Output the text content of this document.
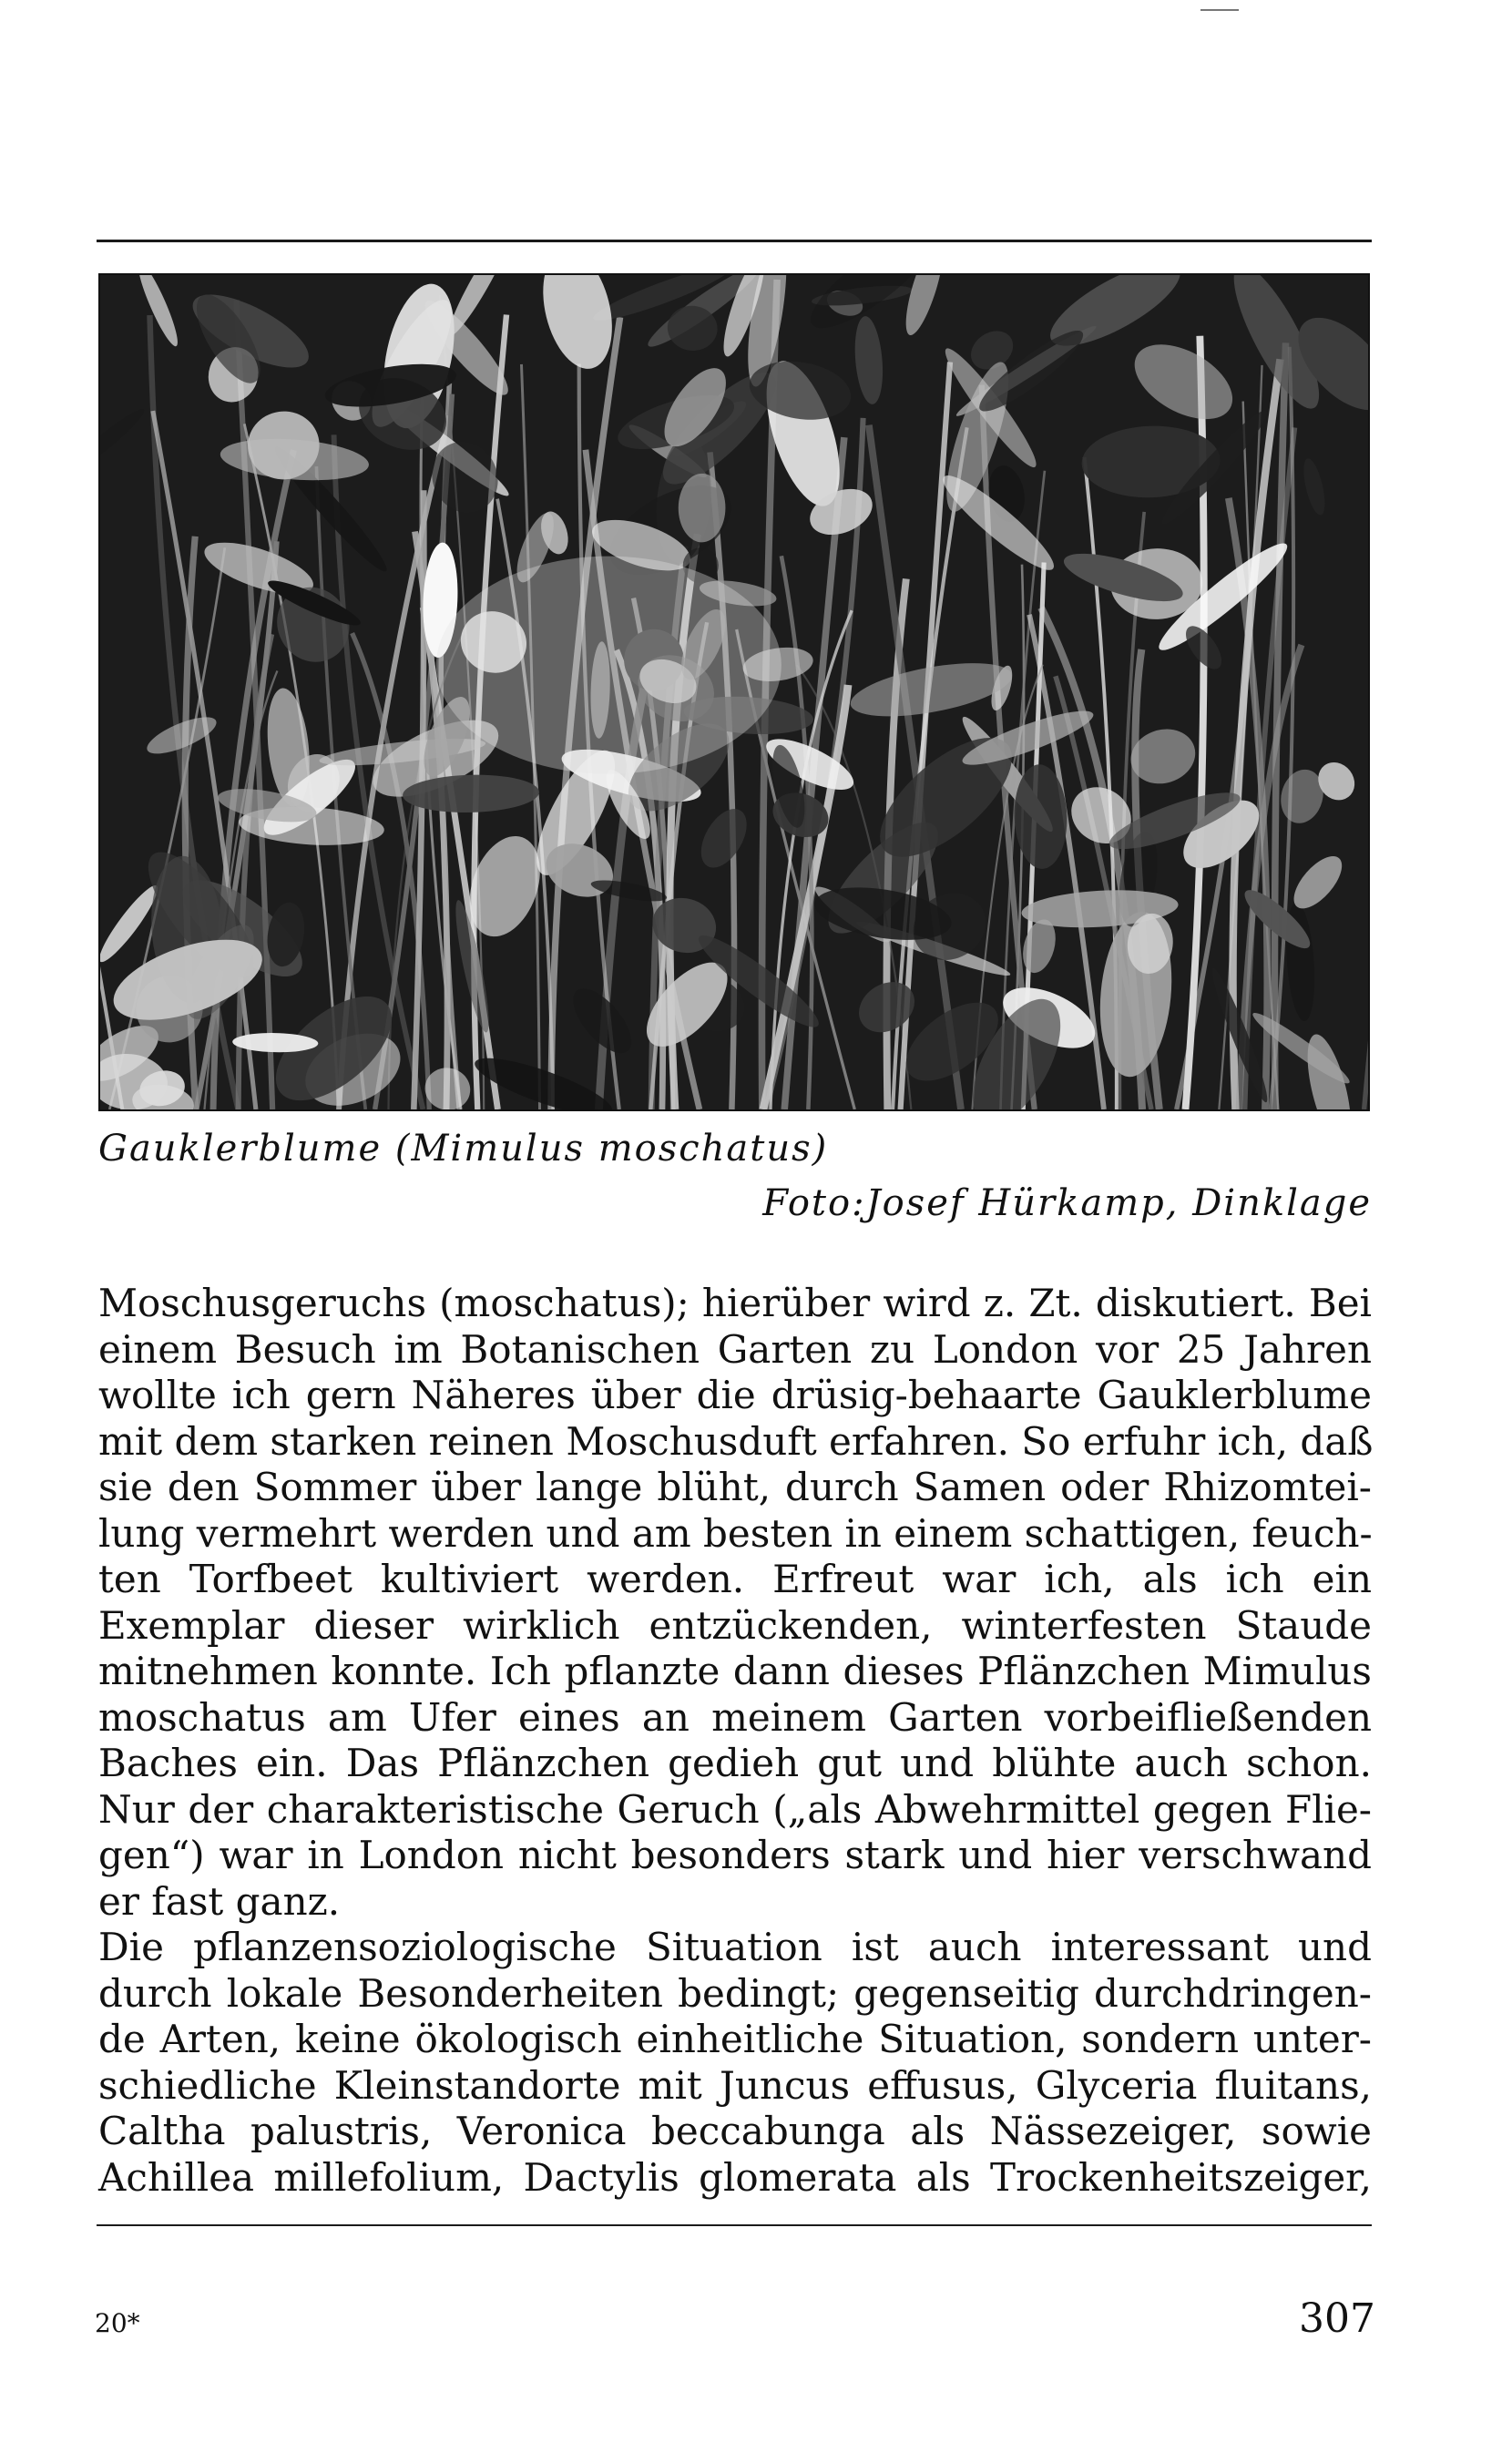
Gauklerblume (Mimulus moschatus)
Foto:Josef Hürkamp, Dinklage
Moschusgeruchs (moschatus); hierüber wird z. Zt. diskutiert. Bei
einem Besuch im Botanischen Garten zu London vor 25 Jahren
wollte ich gern Näheres über die drüsig-behaarte Gauklerblume
mit dem starken reinen Moschusduft erfahren. So erfuhr ich, daß
sie den Sommer über lange blüht, durch Samen oder Rhizomtei-
lung vermehrt werden und am besten in einem schattigen, feuch-
ten Torfbeet kultiviert werden. Erfreut war ich, als ich ein
Exemplar dieser wirklich entzückenden, winterfesten Staude
mitnehmen konnte. Ich pflanzte dann dieses Pflänzchen Mimulus
moschatus am Ufer eines an meinem Garten vorbeifließenden
Baches ein. Das Pflänzchen gedieh gut und blühte auch schon.
Nur der charakteristische Geruch („als Abwehrmittel gegen Flie-
gen“) war in London nicht besonders stark und hier verschwand
er fast ganz.
Die pflanzensoziologische Situation ist auch interessant und
durch lokale Besonderheiten bedingt; gegenseitig durchdringen-
de Arten, keine ökologisch einheitliche Situation, sondern unter-
schiedliche Kleinstandorte mit Juncus effusus, Glyceria fluitans,
Caltha palustris, Veronica beccabunga als Nässezeiger, sowie
Achillea millefolium, Dactylis glomerata als Trockenheitszeiger,
20*	307
